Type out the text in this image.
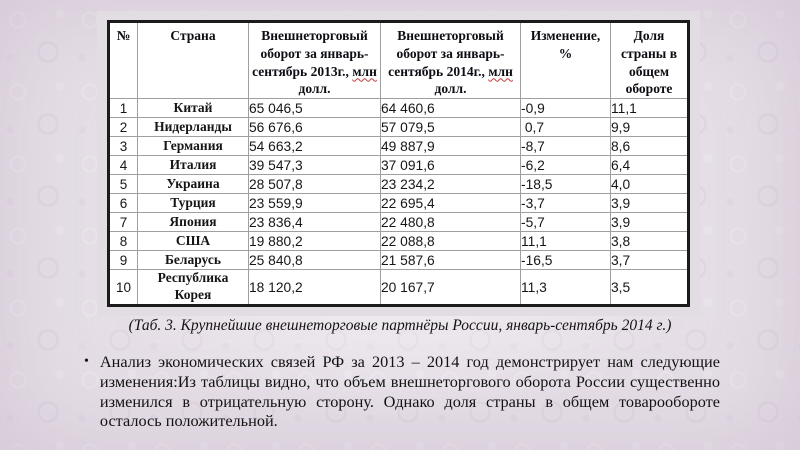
№	Страна	Внешнеторговый оборот за январь-сентябрь 2013г., млн долл.	Внешнеторговый оборот за январь-сентябрь 2014г., млн долл.	Изменение, %	Доля страны в общем обороте
1	Китай	65 046,5	64 460,6	-0,9	11,1
2	Нидерланды	56 676,6	57 079,5	0,7	9,9
3	Германия	54 663,2	49 887,9	-8,7	8,6
4	Италия	39 547,3	37 091,6	-6,2	6,4
5	Украина	28 507,8	23 234,2	-18,5	4,0
6	Турция	23 559,9	22 695,4	-3,7	3,9
7	Япония	23 836,4	22 480,8	-5,7	3,9
8	США	19 880,2	22 088,8	11,1	3,8
9	Беларусь	25 840,8	21 587,6	-16,5	3,7
10	Республика Корея	18 120,2	20 167,7	11,3	3,5
(Таб. 3. Крупнейшие внешнеторговые партнёры России, январь-сентябрь 2014 г.)
• Анализ экономических связей РФ за 2013 – 2014 год демонстрирует нам следующие изменения:Из таблицы видно, что объем внешнеторгового оборота России существенно изменился в отрицательную сторону. Однако доля страны в общем товарообороте осталось положительной.
